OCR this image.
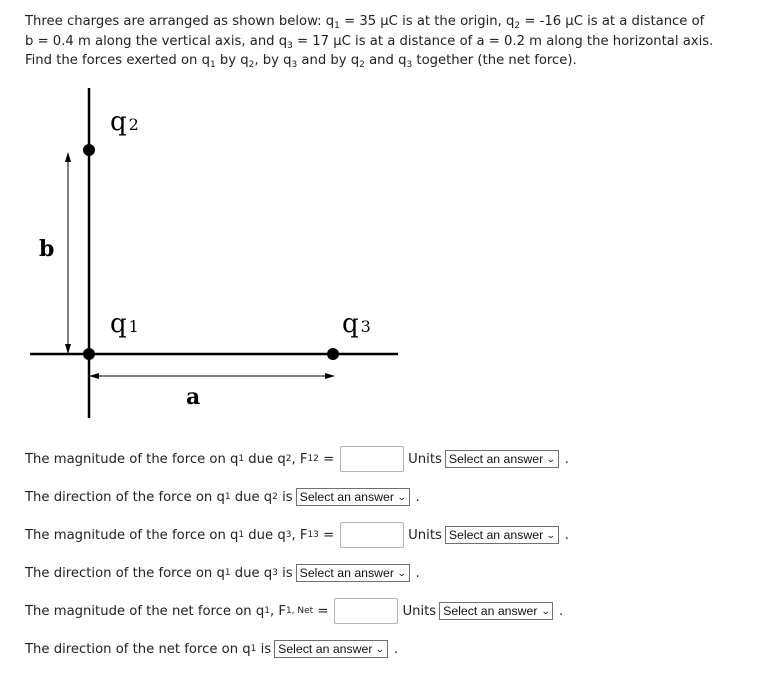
Three charges are arranged as shown below: $q_1 = 35$ μC is at the origin, $q_2 = -16$ μC is at a distance of b = 0.4 m along the vertical axis, and $q_3 = 17$ μC is at a distance of a = 0.2 m along the horizontal axis. Find the forces exerted on $q_1$ by $q_2$, by $q_3$ and by $q_2$ and $q_3$ together (the net force).
q 2
q 1	q 3
b
a
The magnitude of the force on q 1 due q 2 , F 12 =	Units Select an answer ⌄ .
The direction of the force on q 1 due q 2 is Select an answer ⌄ .
The magnitude of the force on q 1 due q 3 , F 13 =	Units Select an answer ⌄ .
The direction of the force on q 1 due q 3 is Select an answer ⌄ .
The magnitude of the net force on q 1 , F 1, Net =	Units Select an answer ⌄ .
The direction of the net force on q 1 is Select an answer ⌄ .
